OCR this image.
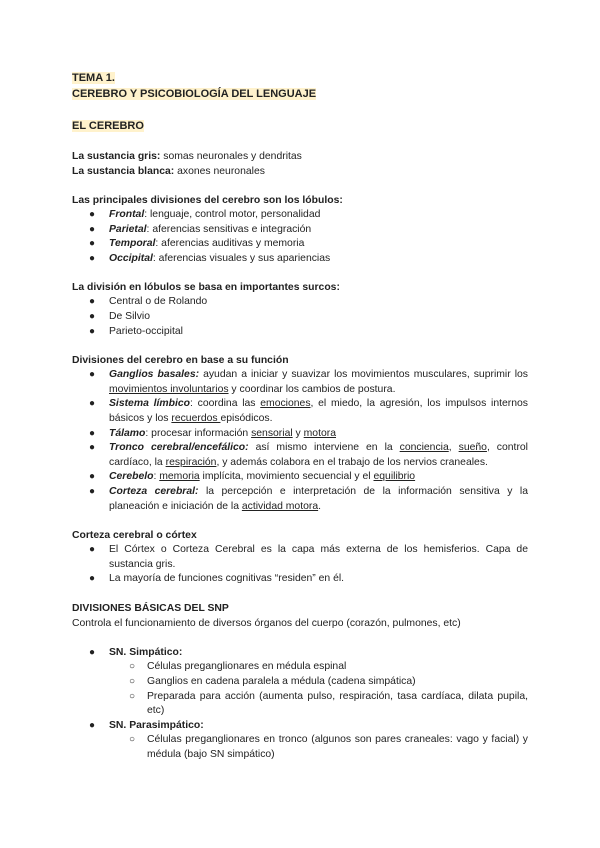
TEMA 1.
CEREBRO Y PSICOBIOLOGÍA DEL LENGUAJE

EL CEREBRO

La sustancia gris: somas neuronales y dendritas

La sustancia blanca: axones neuronales

Las principales divisiones del cerebro son los lóbulos:

● Frontal: lenguaje, control motor, personalidad
● Parietal: aferencias sensitivas e integración
● Temporal: aferencias auditivas y memoria
● Occipital: aferencias visuales y sus apariencias

La división en lóbulos se basa en importantes surcos:

● Central o de Rolando
● De Silvio
● Parieto-occipital

Divisiones del cerebro en base a su función

● Ganglios basales: ayudan a iniciar y suavizar los movimientos musculares, suprimir los movimientos involuntarios y coordinar los cambios de postura.
● Sistema límbico: coordina las emociones, el miedo, la agresión, los impulsos internos básicos y los recuerdos episódicos.
● Tálamo: procesar información sensorial y motora
● Tronco cerebral/encefálico: así mismo interviene en la conciencia, sueño, control cardíaco, la respiración, y además colabora en el trabajo de los nervios craneales.
● Cerebelo: memoria implícita, movimiento secuencial y el equilibrio
● Corteza cerebral: la percepción e interpretación de la información sensitiva y la planeación e iniciación de la actividad motora.

Corteza cerebral o córtex

● El Córtex o Corteza Cerebral es la capa más externa de los hemisferios. Capa de sustancia gris.
● La mayoría de funciones cognitivas “residen” en él.

DIVISIONES BÁSICAS DEL SNP

Controla el funcionamiento de diversos órganos del cuerpo (corazón, pulmones, etc)

● SN. Simpático:
○ Células preganglionares en médula espinal
○ Ganglios en cadena paralela a médula (cadena simpática)
○ Preparada para acción (aumenta pulso, respiración, tasa cardíaca, dilata pupila, etc)
● SN. Parasimpático:
○ Células preganglionares en tronco (algunos son pares craneales: vago y facial) y médula (bajo SN simpático)
